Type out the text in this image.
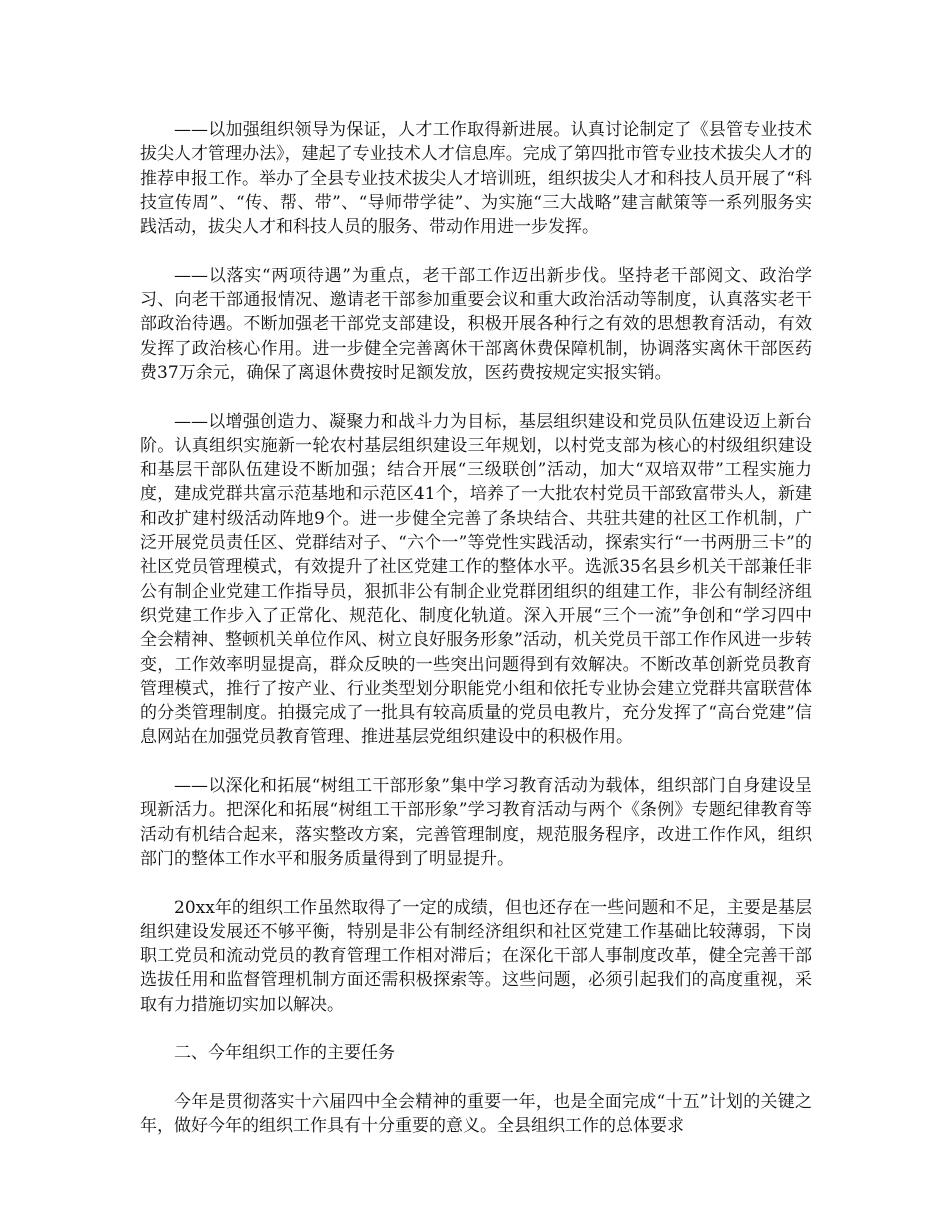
——以加强组织领导为保证，人才工作取得新进展。认真讨论制定了《县管专业技术拔尖人才管理办法》，建起了专业技术人才信息库。完成了第四批市管专业技术拔尖人才的推荐申报工作。举办了全县专业技术拔尖人才培训班，组织拔尖人才和科技人员开展了“科技宣传周”、“传、帮、带”、“导师带学徒”、为实施“三大战略”建言献策等一系列服务实践活动，拔尖人才和科技人员的服务、带动作用进一步发挥。

——以落实“两项待遇”为重点，老干部工作迈出新步伐。坚持老干部阅文、政治学习、向老干部通报情况、邀请老干部参加重要会议和重大政治活动等制度，认真落实老干部政治待遇。不断加强老干部党支部建设，积极开展各种行之有效的思想教育活动，有效发挥了政治核心作用。进一步健全完善离休干部离休费保障机制，协调落实离休干部医药费37万余元，确保了离退休费按时足额发放，医药费按规定实报实销。

——以增强创造力、凝聚力和战斗力为目标，基层组织建设和党员队伍建设迈上新台阶。认真组织实施新一轮农村基层组织建设三年规划，以村党支部为核心的村级组织建设和基层干部队伍建设不断加强；结合开展“三级联创”活动，加大“双培双带”工程实施力度，建成党群共富示范基地和示范区41个，培养了一大批农村党员干部致富带头人，新建和改扩建村级活动阵地9个。进一步健全完善了条块结合、共驻共建的社区工作机制，广泛开展党员责任区、党群结对子、“六个一”等党性实践活动，探索实行“一书两册三卡”的社区党员管理模式，有效提升了社区党建工作的整体水平。选派35名县乡机关干部兼任非公有制企业党建工作指导员，狠抓非公有制企业党群团组织的组建工作，非公有制经济组织党建工作步入了正常化、规范化、制度化轨道。深入开展“三个一流”争创和“学习四中全会精神、整顿机关单位作风、树立良好服务形象”活动，机关党员干部工作作风进一步转变，工作效率明显提高，群众反映的一些突出问题得到有效解决。不断改革创新党员教育管理模式，推行了按产业、行业类型划分职能党小组和依托专业协会建立党群共富联营体的分类管理制度。拍摄完成了一批具有较高质量的党员电教片，充分发挥了“高台党建”信息网站在加强党员教育管理、推进基层党组织建设中的积极作用。

——以深化和拓展“树组工干部形象”集中学习教育活动为载体，组织部门自身建设呈现新活力。把深化和拓展“树组工干部形象”学习教育活动与两个《条例》专题纪律教育等活动有机结合起来，落实整改方案，完善管理制度，规范服务程序，改进工作作风，组织部门的整体工作水平和服务质量得到了明显提升。

20xx年的组织工作虽然取得了一定的成绩，但也还存在一些问题和不足，主要是基层组织建设发展还不够平衡，特别是非公有制经济组织和社区党建工作基础比较薄弱，下岗职工党员和流动党员的教育管理工作相对滞后；在深化干部人事制度改革，健全完善干部选拔任用和监督管理机制方面还需积极探索等。这些问题，必须引起我们的高度重视，采取有力措施切实加以解决。

二、今年组织工作的主要任务

今年是贯彻落实十六届四中全会精神的重要一年，也是全面完成“十五”计划的关键之年，做好今年的组织工作具有十分重要的意义。全县组织工作的总体要求
